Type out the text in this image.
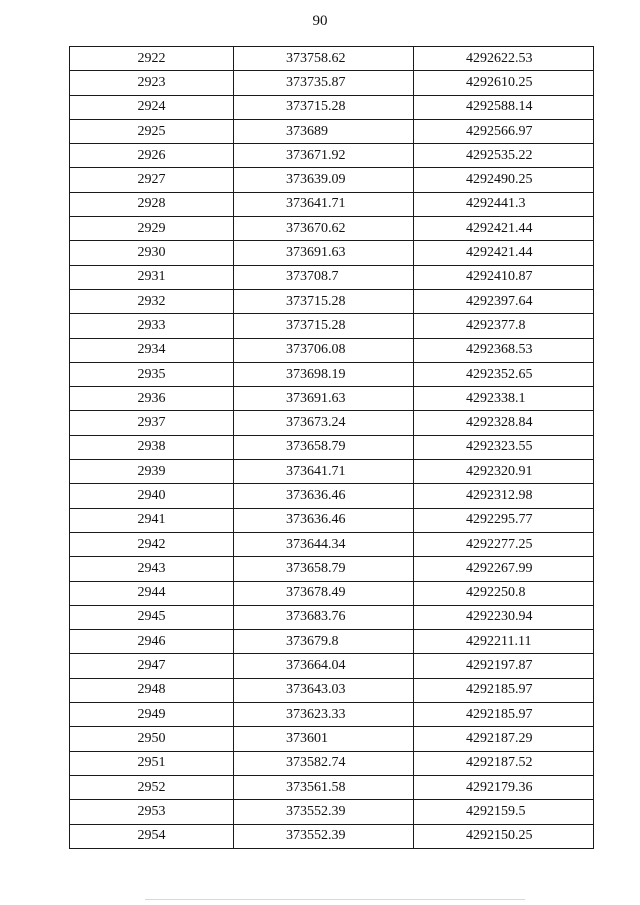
90
2922	373758.62	4292622.53
2923	373735.87	4292610.25
2924	373715.28	4292588.14
2925	373689	4292566.97
2926	373671.92	4292535.22
2927	373639.09	4292490.25
2928	373641.71	4292441.3
2929	373670.62	4292421.44
2930	373691.63	4292421.44
2931	373708.7	4292410.87
2932	373715.28	4292397.64
2933	373715.28	4292377.8
2934	373706.08	4292368.53
2935	373698.19	4292352.65
2936	373691.63	4292338.1
2937	373673.24	4292328.84
2938	373658.79	4292323.55
2939	373641.71	4292320.91
2940	373636.46	4292312.98
2941	373636.46	4292295.77
2942	373644.34	4292277.25
2943	373658.79	4292267.99
2944	373678.49	4292250.8
2945	373683.76	4292230.94
2946	373679.8	4292211.11
2947	373664.04	4292197.87
2948	373643.03	4292185.97
2949	373623.33	4292185.97
2950	373601	4292187.29
2951	373582.74	4292187.52
2952	373561.58	4292179.36
2953	373552.39	4292159.5
2954	373552.39	4292150.25
